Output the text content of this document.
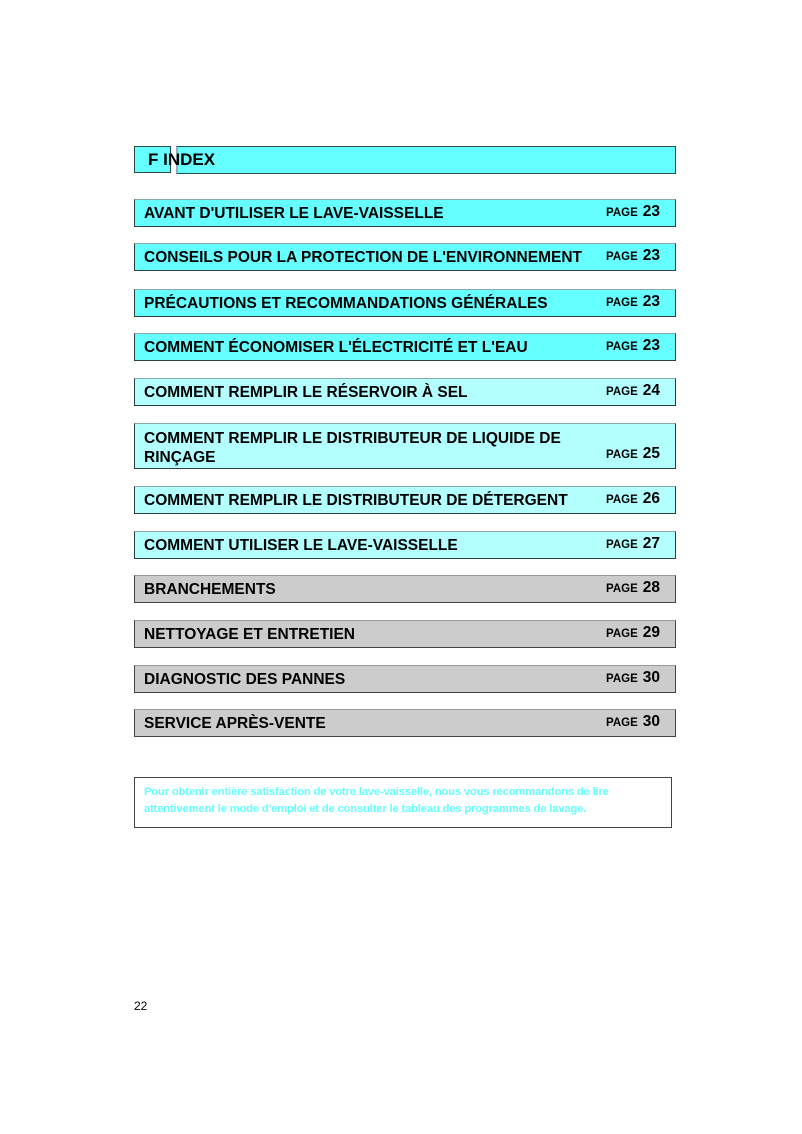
F INDEX
AVANT D'UTILISER LE LAVE-VAISSELLE	PAGE 23
CONSEILS POUR LA PROTECTION DE L'ENVIRONNEMENT PAGE 23
PRÉCAUTIONS ET RECOMMANDATIONS GÉNÉRALES	PAGE 23
COMMENT ÉCONOMISER L'ÉLECTRICITÉ ET L'EAU	PAGE 23
COMMENT REMPLIR LE RÉSERVOIR À SEL	PAGE 24
COMMENT REMPLIR LE DISTRIBUTEUR DE LIQUIDE DE RINÇAGE	PAGE 25
COMMENT REMPLIR LE DISTRIBUTEUR DE DÉTERGENT	PAGE 26
COMMENT UTILISER LE LAVE-VAISSELLE	PAGE 27
BRANCHEMENTS	PAGE 28
NETTOYAGE ET ENTRETIEN	PAGE 29
DIAGNOSTIC DES PANNES	PAGE 30
SERVICE APRÈS-VENTE	PAGE 30
Pour obtenir entière satisfaction de votre lave-vaisselle, nous vous recommandons de lire attentivement le mode d'emploi et de consulter le tableau des programmes de lavage.
22
